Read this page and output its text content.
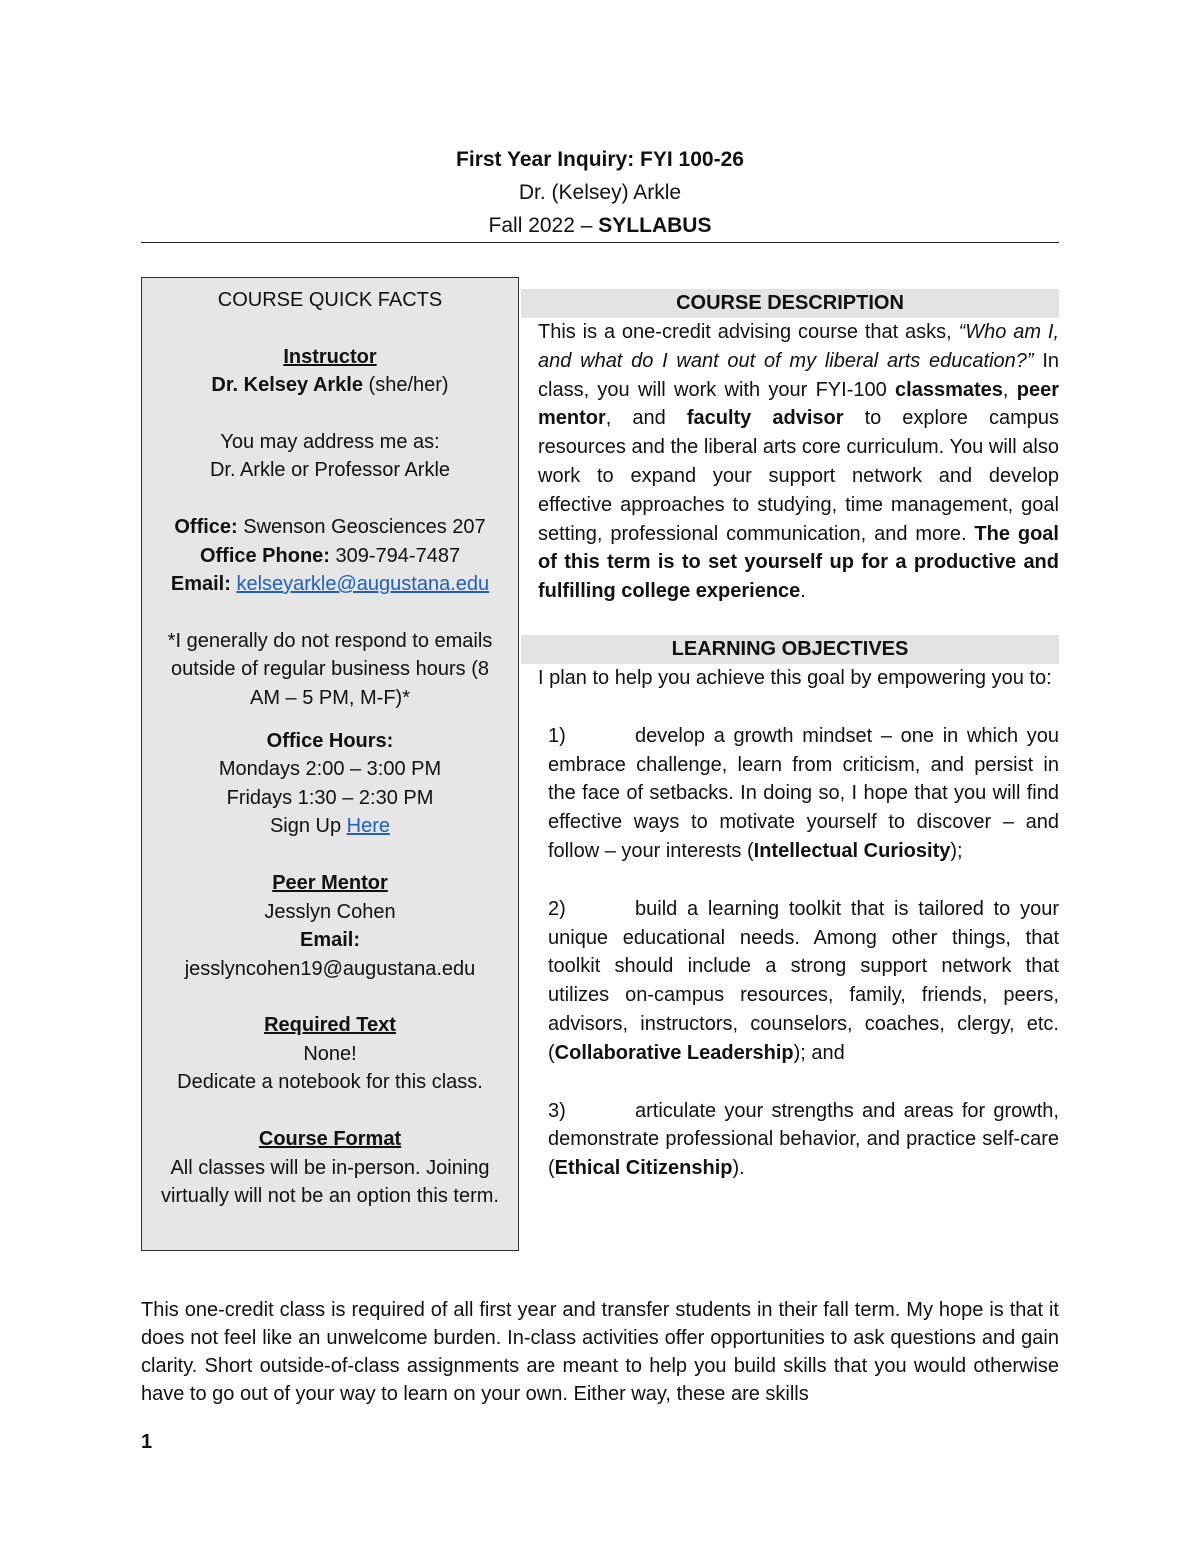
First Year Inquiry: FYI 100-26
Dr. (Kelsey) Arkle
Fall 2022 – SYLLABUS

COURSE QUICK FACTS

Instructor

Dr. Kelsey Arkle (she/her)

You may address me as:

Dr. Arkle or Professor Arkle

Office: Swenson Geosciences 207

Office Phone: 309-794-7487

Email: kelseyarkle@augustana.edu

*I generally do not respond to emails outside of regular business hours (8 AM – 5 PM, M-F)*

Office Hours:

Mondays 2:00 – 3:00 PM

Fridays 1:30 – 2:30 PM

Sign Up Here

Peer Mentor

Jesslyn Cohen

Email:

jesslyncohen19@augustana.edu

Required Text

None!

Dedicate a notebook for this class.

Course Format

All classes will be in-person. Joining virtually will not be an option this term.

COURSE DESCRIPTION

This is a one-credit advising course that asks, “Who am I, and what do I want out of my liberal arts education?” In class, you will work with your FYI-100 classmates, peer mentor, and faculty advisor to explore campus resources and the liberal arts core curriculum. You will also work to expand your support network and develop effective approaches to studying, time management, goal setting, professional communication, and more. The goal of this term is to set yourself up for a productive and fulfilling college experience.

LEARNING OBJECTIVES

I plan to help you achieve this goal by empowering you to:

1)	develop a growth mindset – one in which you embrace challenge, learn from criticism, and persist in the face of setbacks. In doing so, I hope that you will find effective ways to motivate yourself to discover – and follow – your interests (Intellectual Curiosity);

2)	build a learning toolkit that is tailored to your unique educational needs. Among other things, that toolkit should include a strong support network that utilizes on-campus resources, family, friends, peers, advisors, instructors, counselors, coaches, clergy, etc. (Collaborative Leadership); and

3)	articulate your strengths and areas for growth, demonstrate professional behavior, and practice self-care (Ethical Citizenship).

This one-credit class is required of all first year and transfer students in their fall term. My hope is that it does not feel like an unwelcome burden. In-class activities offer opportunities to ask questions and gain clarity. Short outside-of-class assignments are meant to help you build skills that you would otherwise have to go out of your way to learn on your own. Either way, these are skills

1
